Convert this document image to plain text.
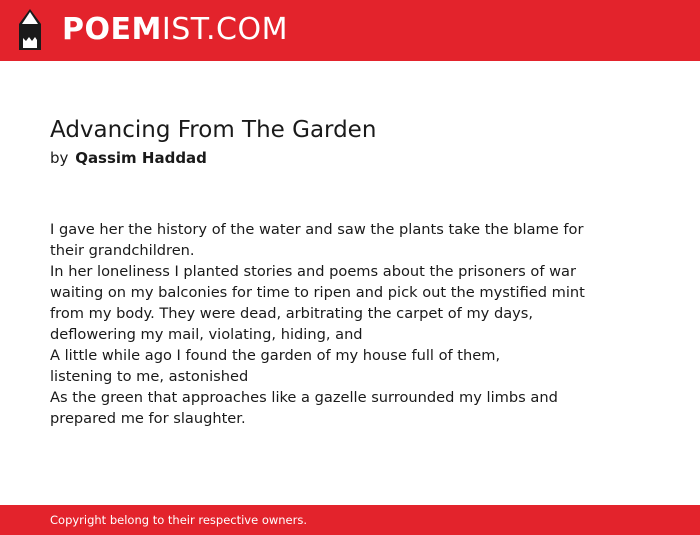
POEMIST.COM
Advancing From The Garden
by Qassim Haddad
I gave her the history of the water and saw the plants take the blame for
their grandchildren.
In her loneliness I planted stories and poems about the prisoners of war
waiting on my balconies for time to ripen and pick out the mystified mint
from my body. They were dead, arbitrating the carpet of my days,
deflowering my mail, violating, hiding, and
A little while ago I found the garden of my house full of them,
listening to me, astonished
As the green that approaches like a gazelle surrounded my limbs and
prepared me for slaughter.
Copyright belong to their respective owners.
